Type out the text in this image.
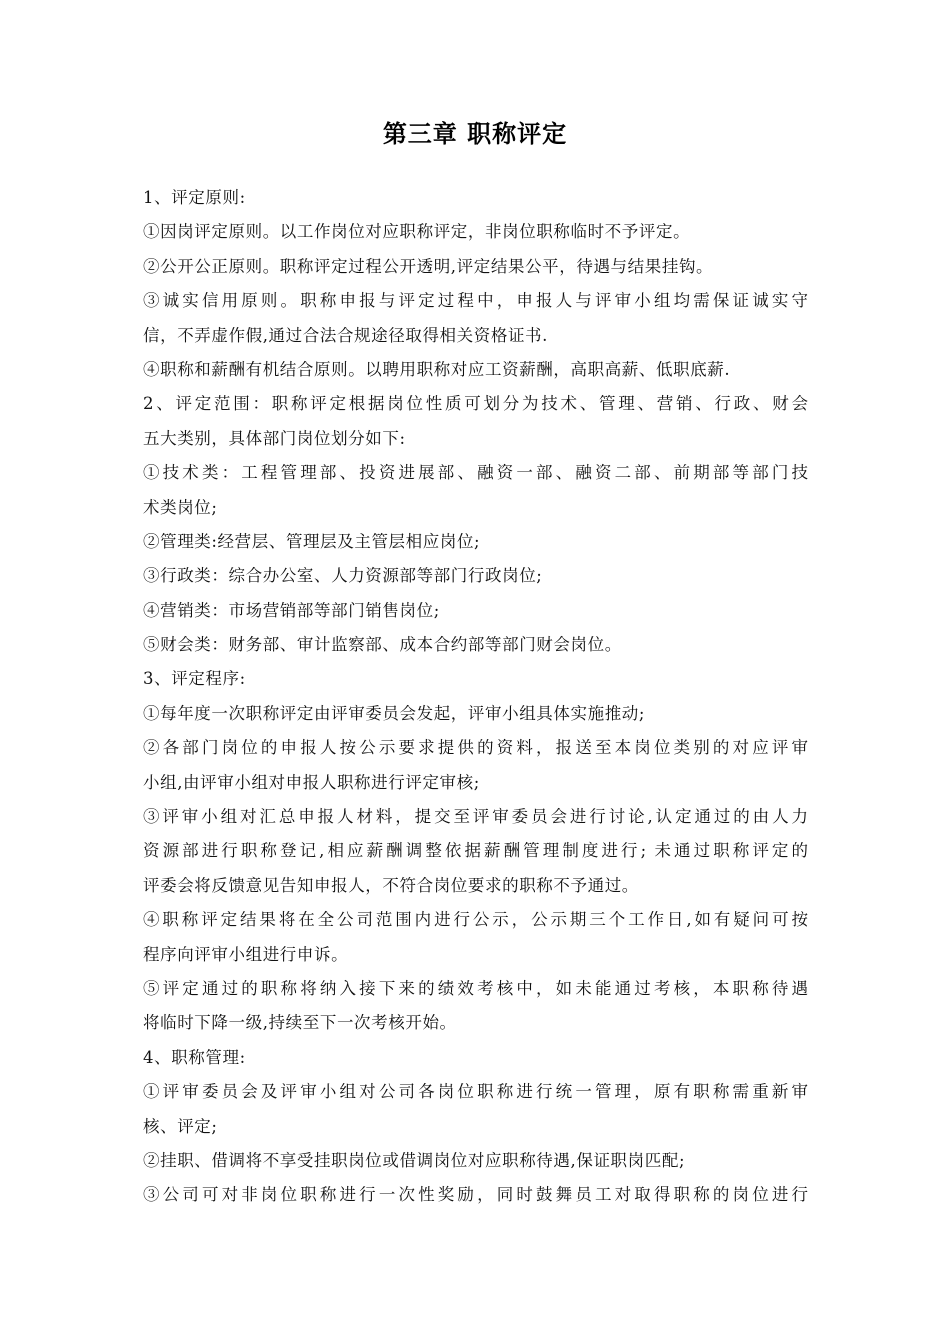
第三章 职称评定
1、评定原则:
①因岗评定原则。以工作岗位对应职称评定，非岗位职称临时不予评定。
②公开公正原则。职称评定过程公开透明,评定结果公平，待遇与结果挂钩。
③诚实信用原则。职称申报与评定过程中，申报人与评审小组均需保证诚实守
信，不弄虚作假,通过合法合规途径取得相关资格证书.
④职称和薪酬有机结合原则。以聘用职称对应工资薪酬，高职高薪、低职底薪.
2、评定范围：职称评定根据岗位性质可划分为技术、管理、营销、行政、财会
五大类别，具体部门岗位划分如下:
①技术类：工程管理部、投资进展部、融资一部、融资二部、前期部等部门技
术类岗位;
②管理类:经营层、管理层及主管层相应岗位;
③行政类：综合办公室、人力资源部等部门行政岗位;
④营销类：市场营销部等部门销售岗位;
⑤财会类：财务部、审计监察部、成本合约部等部门财会岗位。
3、评定程序:
①每年度一次职称评定由评审委员会发起，评审小组具体实施推动;
②各部门岗位的申报人按公示要求提供的资料，报送至本岗位类别的对应评审
小组,由评审小组对申报人职称进行评定审核;
③评审小组对汇总申报人材料，提交至评审委员会进行讨论,认定通过的由人力
资源部进行职称登记,相应薪酬调整依据薪酬管理制度进行; 未通过职称评定的
评委会将反馈意见告知申报人，不符合岗位要求的职称不予通过。
④职称评定结果将在全公司范围内进行公示，公示期三个工作日,如有疑问可按
程序向评审小组进行申诉。
⑤评定通过的职称将纳入接下来的绩效考核中，如未能通过考核，本职称待遇
将临时下降一级,持续至下一次考核开始。
4、职称管理:
①评审委员会及评审小组对公司各岗位职称进行统一管理，原有职称需重新审
核、评定;
②挂职、借调将不享受挂职岗位或借调岗位对应职称待遇,保证职岗匹配;
③公司可对非岗位职称进行一次性奖励，同时鼓舞员工对取得职称的岗位进行
